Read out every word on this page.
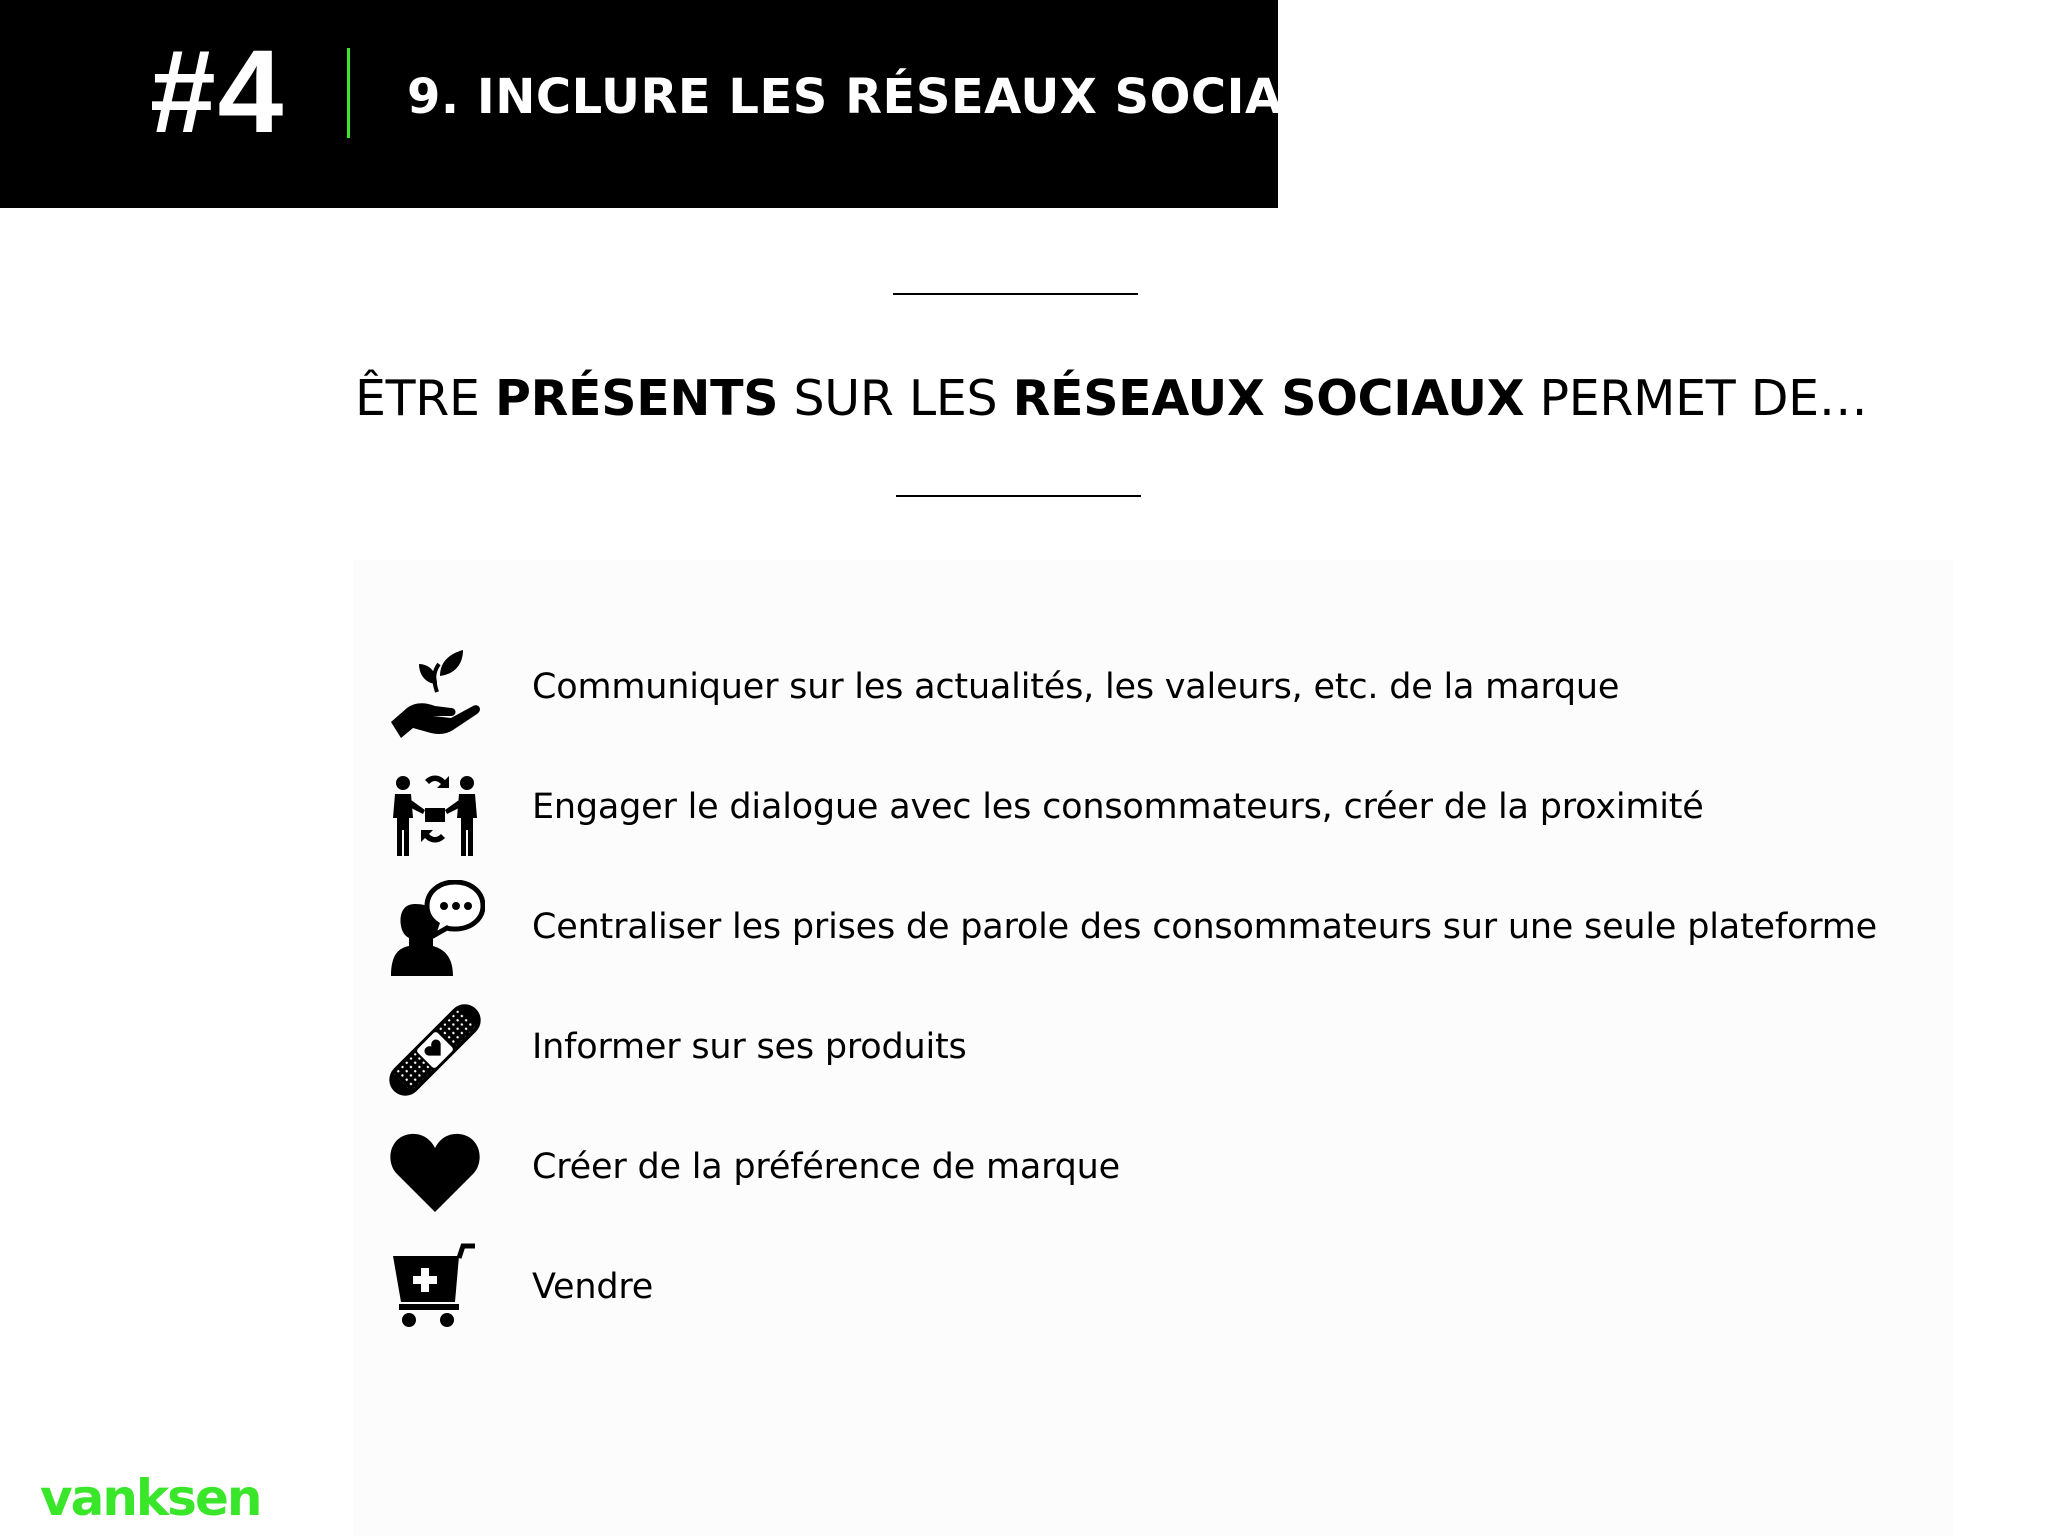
#4	9. INCLURE LES RÉSEAUX SOCIAUX
ÊTRE PRÉSENTS SUR LES RÉSEAUX SOCIAUX PERMET DE…
Communiquer sur les actualités, les valeurs, etc. de la marque
Engager le dialogue avec les consommateurs, créer de la proximité
Centraliser les prises de parole des consommateurs sur une seule plateforme
Informer sur ses produits
Créer de la préférence de marque
Vendre
vanksen
